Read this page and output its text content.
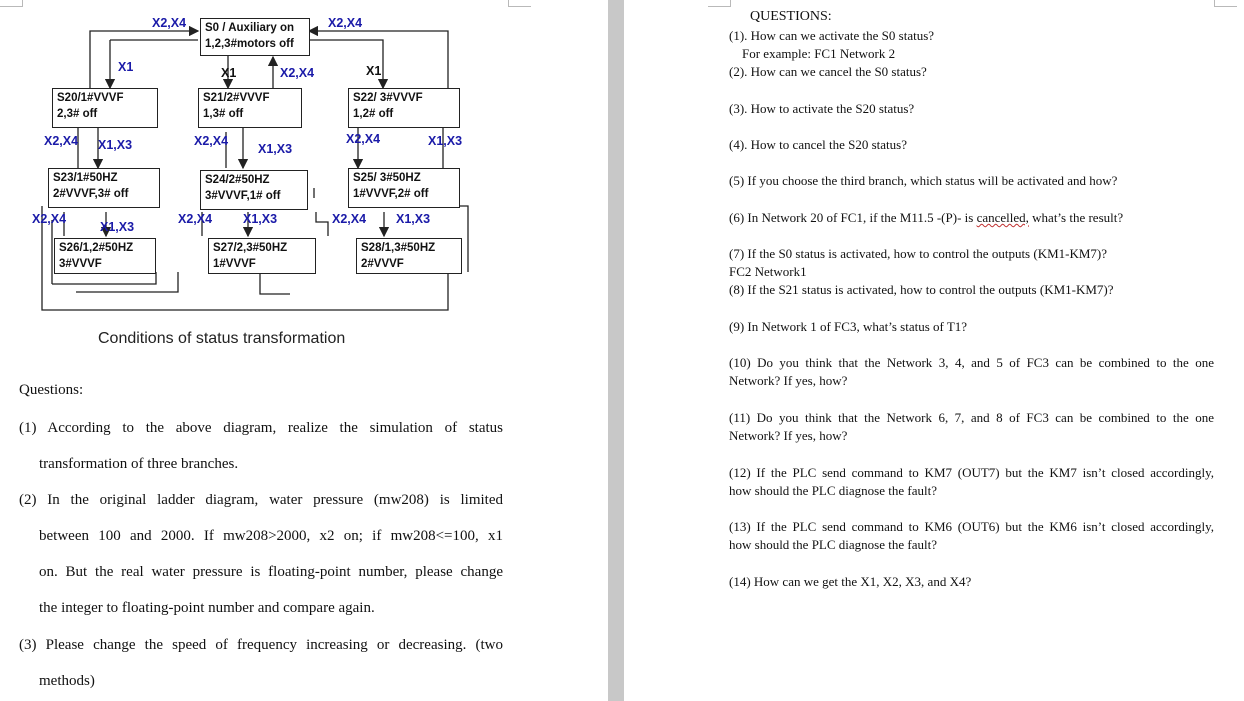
S0 / Auxiliary on
1,2,3#motors off
S20/1#VVVF
2,3# off
S21/2#VVVF
1,3# off
S22/ 3#VVVF
1,2# off
S23/1#50HZ
2#VVVF,3# off
S24/2#50HZ
3#VVVF,1# off
S25/ 3#50HZ
1#VVVF,2# off
S26/1,2#50HZ
3#VVVF
S27/2,3#50HZ
1#VVVF
S28/1,3#50HZ
2#VVVF
X2,X4	X2,X4
X1	X1	X2,X4	X1
X2,X4 X1,X3	X2,X4
X1,X3
X2,X4	X1,X3
X2,X4
X1,X3
X2,X4 X1,X3	X2,X4 X1,X3
Conditions of status transformation
Questions:
(1) According to the above diagram, realize the simulation of status
transformation of three branches.
(2) In the original ladder diagram, water pressure (mw208) is limited
between 100 and 2000. If mw208>2000, x2 on; if mw208<=100, x1
on. But the real water pressure is floating-point number, please change
the integer to floating-point number and compare again.
(3) Please change the speed of frequency increasing or decreasing. (two
methods)
QUESTIONS:
(1). How can we activate the S0 status?
For example: FC1 Network 2
(2). How can we cancel the S0 status?
(3). How to activate the S20 status?
(4). How to cancel the S20 status?
(5) If you choose the third branch, which status will be activated and how?
(6) In Network 20 of FC1, if the M11.5 -(P)- is cancelled, what’s the result?
(7) If the S0 status is activated, how to control the outputs (KM1-KM7)?
FC2 Network1
(8) If the S21 status is activated, how to control the outputs (KM1-KM7)?
(9) In Network 1 of FC3, what’s status of T1?
(10) Do you think that the Network 3, 4, and 5 of FC3 can be combined to the one
Network? If yes, how?
(11) Do you think that the Network 6, 7, and 8 of FC3 can be combined to the one
Network? If yes, how?
(12) If the PLC send command to KM7 (OUT7) but the KM7 isn’t closed accordingly,
how should the PLC diagnose the fault?
(13) If the PLC send command to KM6 (OUT6) but the KM6 isn’t closed accordingly,
how should the PLC diagnose the fault?
(14) How can we get the X1, X2, X3, and X4?
